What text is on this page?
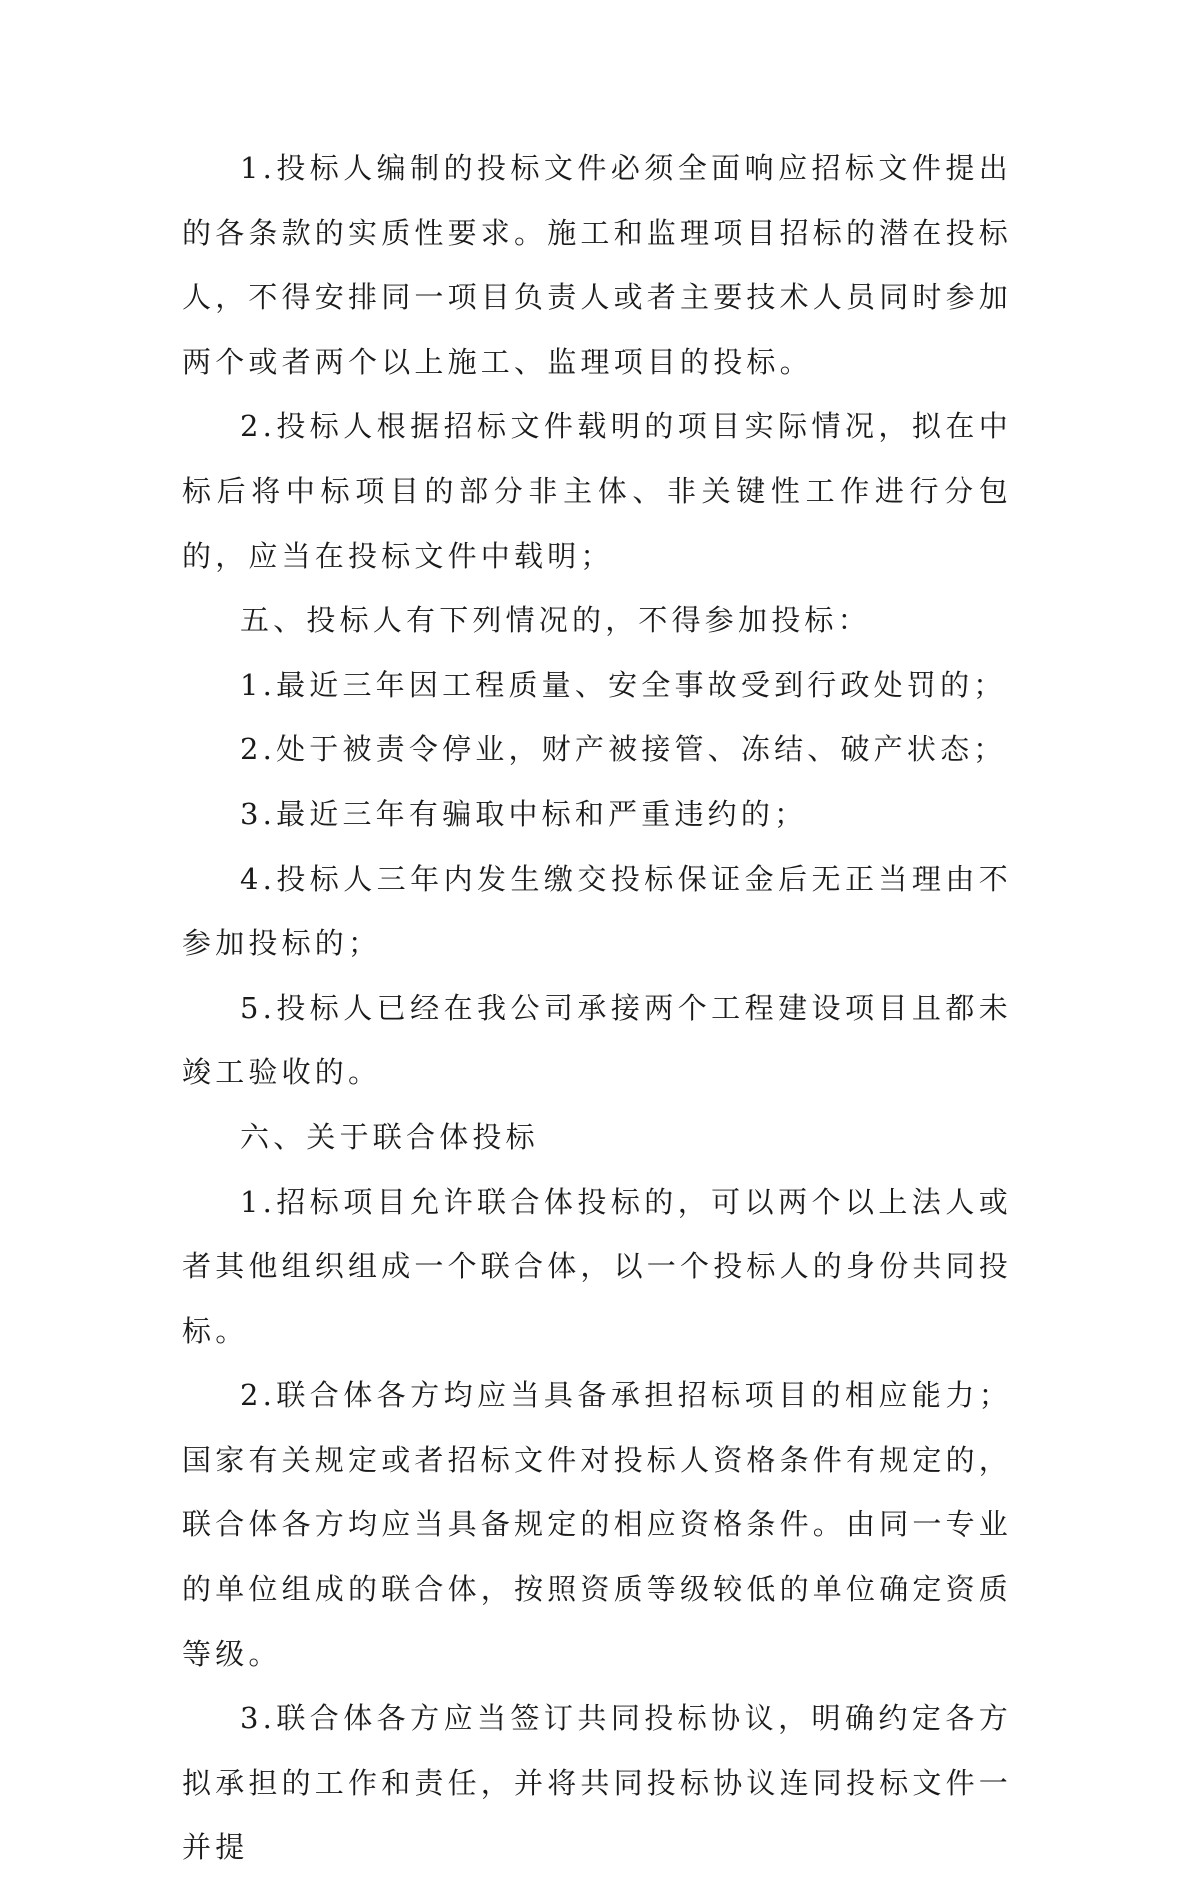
1.投标人编制的投标文件必须全面响应招标文件提出的各条款的实质性要求。施工和监理项目招标的潜在投标人，不得安排同一项目负责人或者主要技术人员同时参加两个或者两个以上施工、监理项目的投标。

2.投标人根据招标文件载明的项目实际情况，拟在中标后将中标项目的部分非主体、非关键性工作进行分包的，应当在投标文件中载明；

五、投标人有下列情况的，不得参加投标：

1.最近三年因工程质量、安全事故受到行政处罚的；

2.处于被责令停业，财产被接管、冻结、破产状态；

3.最近三年有骗取中标和严重违约的；

4.投标人三年内发生缴交投标保证金后无正当理由不参加投标的；

5.投标人已经在我公司承接两个工程建设项目且都未竣工验收的。

六、关于联合体投标

1.招标项目允许联合体投标的，可以两个以上法人或者其他组织组成一个联合体，以一个投标人的身份共同投标。

2.联合体各方均应当具备承担招标项目的相应能力；国家有关规定或者招标文件对投标人资格条件有规定的，联合体各方均应当具备规定的相应资格条件。由同一专业的单位组成的联合体，按照资质等级较低的单位确定资质等级。

3.联合体各方应当签订共同投标协议，明确约定各方拟承担的工作和责任，并将共同投标协议连同投标文件一并提
